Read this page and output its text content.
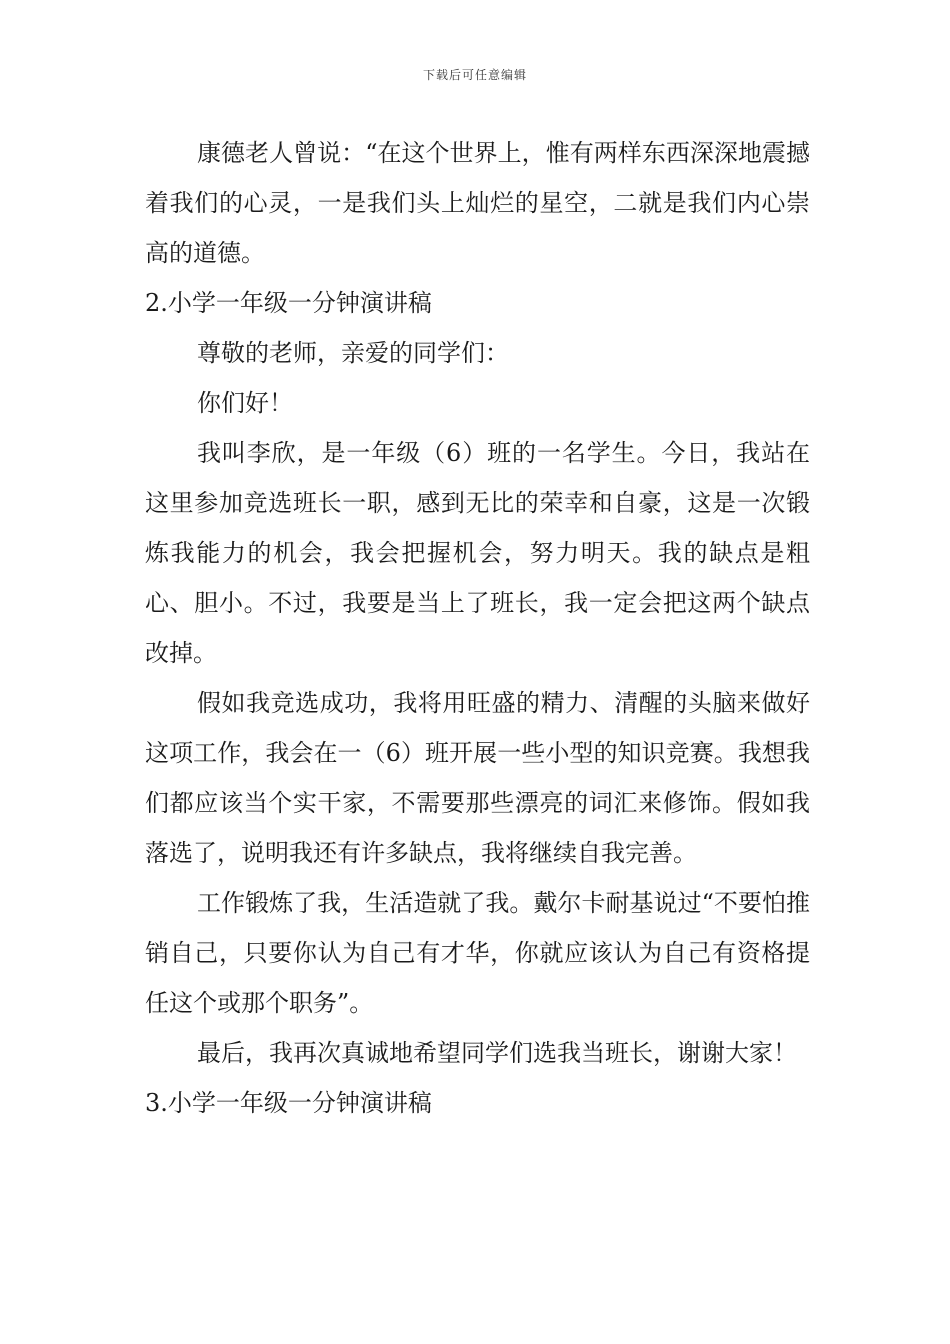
下载后可任意编辑

康德老人曾说：“在这个世界上，惟有两样东西深深地震撼着我们的心灵，一是我们头上灿烂的星空，二就是我们内心崇高的道德。

2.小学一年级一分钟演讲稿

尊敬的老师，亲爱的同学们：

你们好！

我叫李欣，是一年级（6）班的一名学生。今日，我站在这里参加竞选班长一职，感到无比的荣幸和自豪，这是一次锻炼我能力的机会，我会把握机会，努力明天。我的缺点是粗心、胆小。不过，我要是当上了班长，我一定会把这两个缺点改掉。

假如我竞选成功，我将用旺盛的精力、清醒的头脑来做好这项工作，我会在一（6）班开展一些小型的知识竞赛。我想我们都应该当个实干家，不需要那些漂亮的词汇来修饰。假如我落选了，说明我还有许多缺点，我将继续自我完善。

工作锻炼了我，生活造就了我。戴尔卡耐基说过“不要怕推销自己，只要你认为自己有才华，你就应该认为自己有资格提任这个或那个职务”。

最后，我再次真诚地希望同学们选我当班长，谢谢大家！

3.小学一年级一分钟演讲稿
